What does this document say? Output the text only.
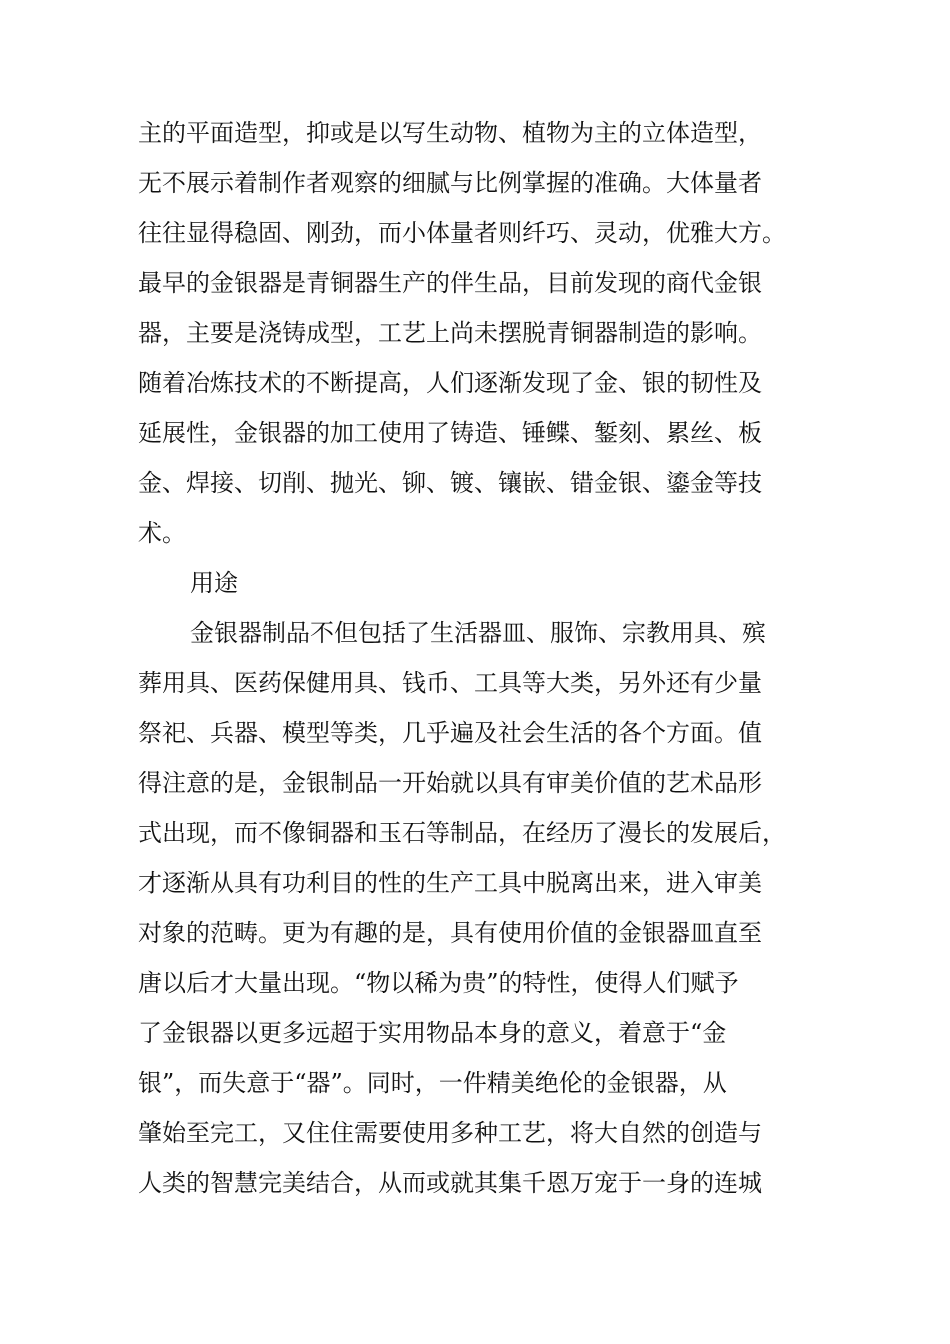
主的平面造型，抑或是以写生动物、植物为主的立体造型，
无不展示着制作者观察的细腻与比例掌握的准确。大体量者
往往显得稳固、刚劲，而小体量者则纤巧、灵动，优雅大方。
最早的金银器是青铜器生产的伴生品，目前发现的商代金银
器，主要是浇铸成型，工艺上尚未摆脱青铜器制造的影响。
随着冶炼技术的不断提高，人们逐渐发现了金、银的韧性及
延展性，金银器的加工使用了铸造、锤鲽、錾刻、累丝、板
金、焊接、切削、抛光、铆、镀、镶嵌、错金银、鎏金等技
术。
用途
金银器制品不但包括了生活器皿、服饰、宗教用具、殡
葬用具、医药保健用具、钱币、工具等大类，另外还有少量
祭祀、兵器、模型等类，几乎遍及社会生活的各个方面。值
得注意的是，金银制品一开始就以具有审美价值的艺术品形
式出现，而不像铜器和玉石等制品，在经历了漫长的发展后，
才逐渐从具有功利目的性的生产工具中脱离出来，进入审美
对象的范畴。更为有趣的是，具有使用价值的金银器皿直至
唐以后才大量出现。“物以稀为贵”的特性，使得人们赋予
了金银器以更多远超于实用物品本身的意义，着意于“金
银”，而失意于“器”。同时，一件精美绝伦的金银器，从
肇始至完工，又住住需要使用多种工艺，将大自然的创造与
人类的智慧完美结合，从而或就其集千恩万宠于一身的连城
